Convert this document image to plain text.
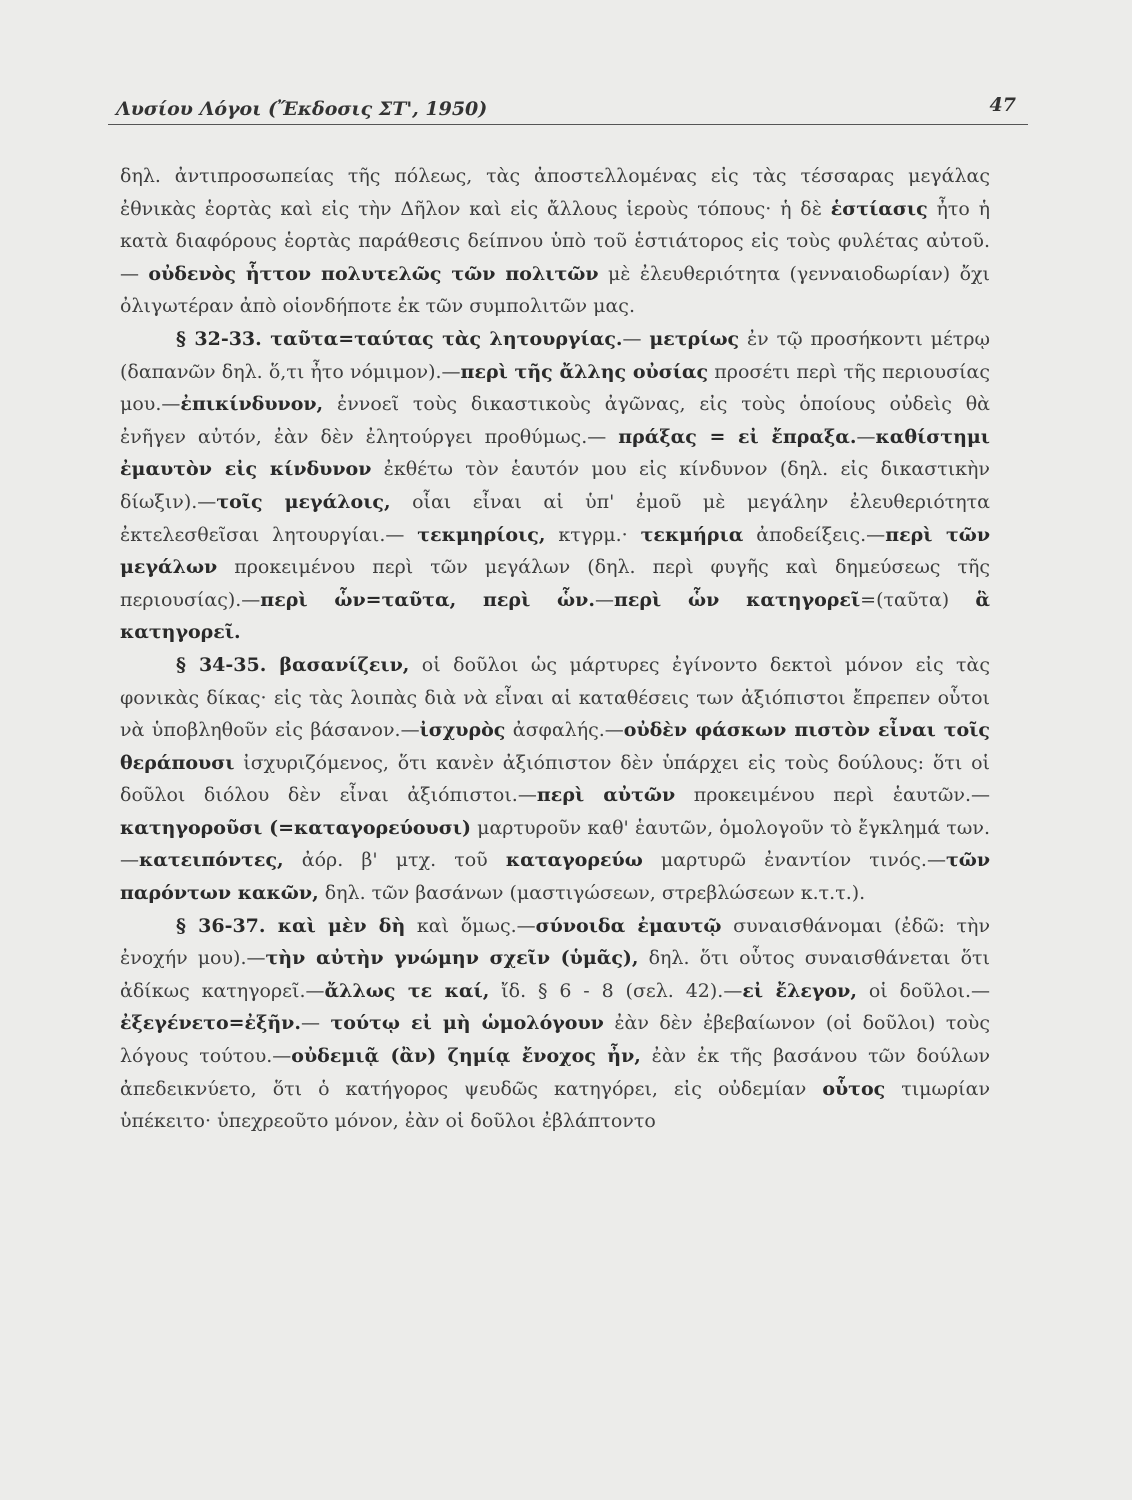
Λυσίου Λόγοι (Ἔκδοσις ΣΤ', 1950)	47

δηλ. ἀντιπροσωπείας τῆς πόλεως, τὰς ἀποστελλομένας εἰς τὰς τέσσαρας μεγάλας ἐθνικὰς ἑορτὰς καὶ εἰς τὴν Δῆλον καὶ εἰς ἄλλους ἱεροὺς τόπους· ἡ δὲ ἑστίασις ἦτο ἡ κατὰ διαφόρους ἑορτὰς παράθεσις δείπνου ὑπὸ τοῦ ἑστιάτορος εἰς τοὺς φυλέτας αὐτοῦ.— οὐδενὸς ἧττον πολυτελῶς τῶν πολιτῶν μὲ ἐλευθεριότητα (γενναιοδωρίαν) ὄχι ὀλιγωτέραν ἀπὸ οἱονδήποτε ἐκ τῶν συμπολιτῶν μας.

§ 32-33. ταῦτα=ταύτας τὰς λητουργίας.— μετρίως ἐν τῷ προσήκοντι μέτρῳ (δαπανῶν δηλ. ὅ,τι ἦτο νόμιμον).—περὶ τῆς ἄλλης οὐσίας προσέτι περὶ τῆς περιουσίας μου.—ἐπικίνδυνον, ἐννοεῖ τοὺς δικαστικοὺς ἀγῶνας, εἰς τοὺς ὁποίους οὐδεὶς θὰ ἐνῆγεν αὐτόν, ἐὰν δὲν ἐλητούργει προθύμως.— πράξας = εἰ ἔπραξα.—καθίστημι ἐμαυτὸν εἰς κίνδυνον ἐκθέτω τὸν ἑαυτόν μου εἰς κίνδυνον (δηλ. εἰς δικαστικὴν δίωξιν).—τοῖς μεγάλοις, οἷαι εἶναι αἱ ὑπ' ἐμοῦ μὲ μεγάλην ἐλευθεριότητα ἐκτελεσθεῖσαι λητουργίαι.— τεκμηρίοις, κτγρμ.· τεκμήρια ἀποδείξεις.—περὶ τῶν μεγάλων προκειμένου περὶ τῶν μεγάλων (δηλ. περὶ φυγῆς καὶ δημεύσεως τῆς περιουσίας).—περὶ ὧν=ταῦτα, περὶ ὧν.—περὶ ὧν κατηγορεῖ=(ταῦτα) ἃ κατηγορεῖ.

§ 34-35. βασανίζειν, οἱ δοῦλοι ὡς μάρτυρες ἐγίνοντο δεκτοὶ μόνον εἰς τὰς φονικὰς δίκας· εἰς τὰς λοιπὰς διὰ νὰ εἶναι αἱ καταθέσεις των ἀξιόπιστοι ἔπρεπεν οὗτοι νὰ ὑποβληθοῦν εἰς βάσανον.—ἰσχυρὸς ἀσφαλής.—οὐδὲν φάσκων πιστὸν εἶναι τοῖς θεράπουσι ἰσχυριζόμενος, ὅτι κανὲν ἀξιόπιστον δὲν ὑπάρχει εἰς τοὺς δούλους: ὅτι οἱ δοῦλοι διόλου δὲν εἶναι ἀξιόπιστοι.—περὶ αὐτῶν προκειμένου περὶ ἑαυτῶν.—κατηγοροῦσι (=καταγορεύουσι) μαρτυροῦν καθ' ἑαυτῶν, ὁμολογοῦν τὸ ἔγκλημά των.—κατειπόντες, ἀόρ. β' μτχ. τοῦ καταγορεύω μαρτυρῶ ἐναντίον τινός.—τῶν παρόντων κακῶν, δηλ. τῶν βασάνων (μαστιγώσεων, στρεβλώσεων κ.τ.τ.).

§ 36-37. καὶ μὲν δὴ καὶ ὅμως.—σύνοιδα ἐμαυτῷ συναισθάνομαι (ἐδῶ: τὴν ἐνοχήν μου).—τὴν αὐτὴν γνώμην σχεῖν (ὑμᾶς), δηλ. ὅτι οὗτος συναισθάνεται ὅτι ἀδίκως κατηγορεῖ.—ἄλλως τε καί, ἴδ. § 6 - 8 (σελ. 42).—εἰ ἔλεγον, οἱ δοῦλοι.—ἐξεγένετο=ἐξῆν.— τούτῳ εἰ μὴ ὡμολόγουν ἐὰν δὲν ἐβεβαίωνον (οἱ δοῦλοι) τοὺς λόγους τούτου.—οὐδεμιᾷ (ἂν) ζημίᾳ ἔνοχος ἦν, ἐὰν ἐκ τῆς βασάνου τῶν δούλων ἀπεδεικνύετο, ὅτι ὁ κατήγορος ψευδῶς κατηγόρει, εἰς οὐδεμίαν οὗτος τιμωρίαν ὑπέκειτο· ὑπεχρεοῦτο μόνον, ἐὰν οἱ δοῦλοι ἐβλάπτοντο
